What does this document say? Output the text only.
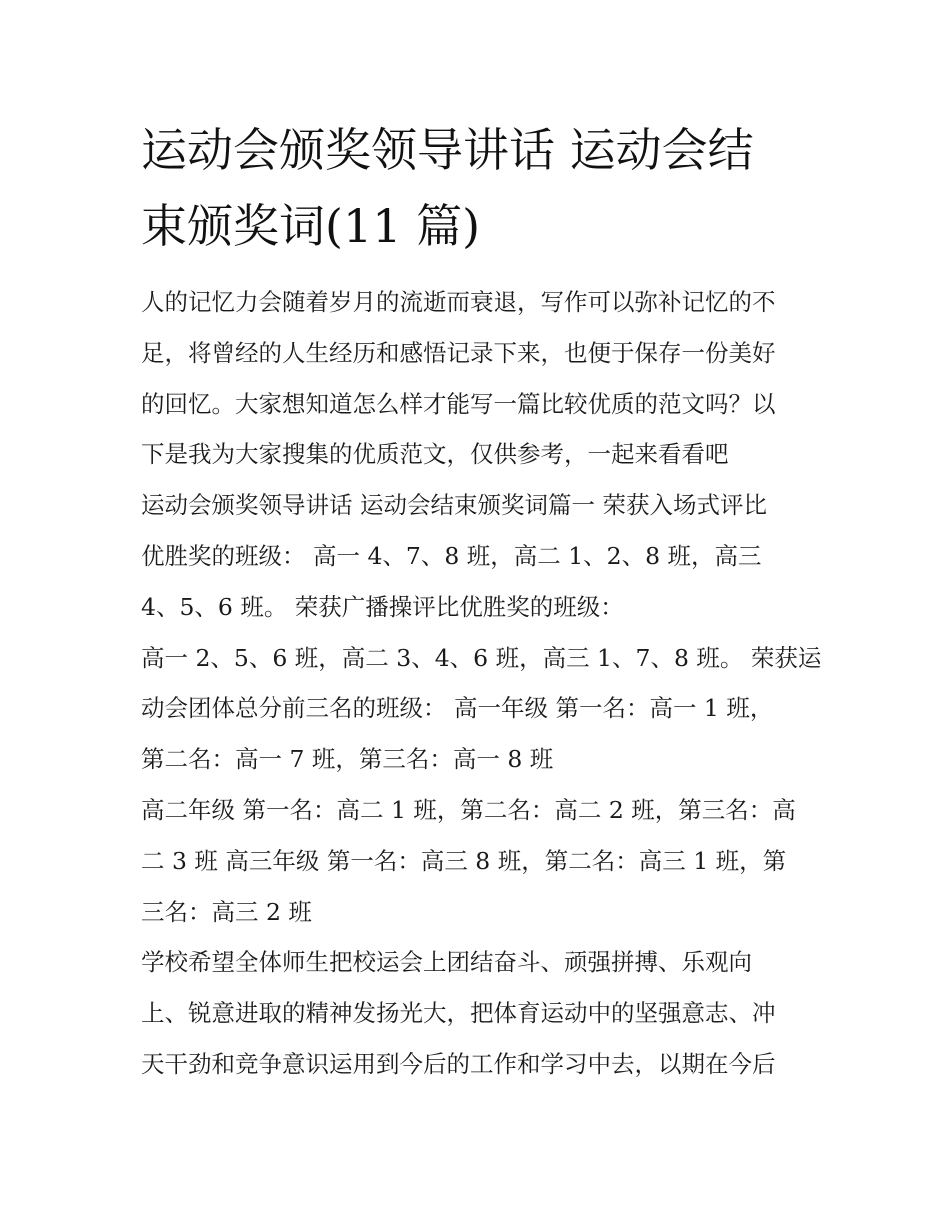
运动会颁奖领导讲话 运动会结
束颁奖词(11 篇)
人的记忆力会随着岁月的流逝而衰退，写作可以弥补记忆的不
足，将曾经的人生经历和感悟记录下来，也便于保存一份美好
的回忆。大家想知道怎么样才能写一篇比较优质的范文吗？以
下是我为大家搜集的优质范文，仅供参考，一起来看看吧
运动会颁奖领导讲话 运动会结束颁奖词篇一 荣获入场式评比
优胜奖的班级： 高一 4、7、8 班，高二 1、2、8 班，高三
4、5、6 班。 荣获广播操评比优胜奖的班级：
高一 2、5、6 班，高二 3、4、6 班，高三 1、7、8 班。 荣获运
动会团体总分前三名的班级： 高一年级 第一名：高一 1 班，
第二名：高一 7 班，第三名：高一 8 班
高二年级 第一名：高二 1 班，第二名：高二 2 班，第三名：高
二 3 班 高三年级 第一名：高三 8 班，第二名：高三 1 班，第
三名：高三 2 班
学校希望全体师生把校运会上团结奋斗、顽强拼搏、乐观向
上、锐意进取的精神发扬光大，把体育运动中的坚强意志、冲
天干劲和竞争意识运用到今后的工作和学习中去，以期在今后
